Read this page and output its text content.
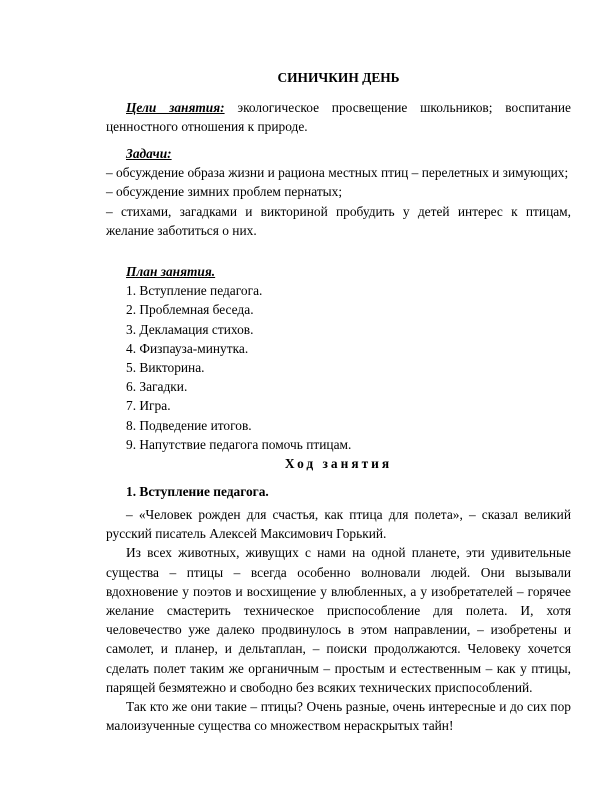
СИНИЧКИН ДЕНЬ

Цели занятия: экологическое просвещение школьников; воспитание ценностного отношения к природе.

Задачи:

– обсуждение образа жизни и рациона местных птиц – перелетных и зимующих;

– обсуждение зимних проблем пернатых;

– стихами, загадками и викториной пробудить у детей интерес к птицам, желание заботиться о них.

План занятия.

1. Вступление педагога.

2. Проблемная беседа.

3. Декламация стихов.

4. Физпауза-минутка.

5. Викторина.

6. Загадки.

7. Игра.

8. Подведение итогов.

9. Напутствие педагога помочь птицам.

Ход занятия

1. Вступление педагога.

– «Человек рожден для счастья, как птица для полета», – сказал великий русский писатель Алексей Максимович Горький.

Из всех животных, живущих с нами на одной планете, эти удивительные существа – птицы – всегда особенно волновали людей. Они вызывали вдохновение у поэтов и восхищение у влюбленных, а у изобретателей – горячее желание смастерить техническое приспособление для полета. И, хотя человечество уже далеко продвинулось в этом направлении, – изобретены и самолет, и планер, и дельтаплан, – поиски продолжаются. Человеку хочется сделать полет таким же органичным – простым и естественным – как у птицы, парящей безмятежно и свободно без всяких технических приспособлений.

Так кто же они такие – птицы? Очень разные, очень интересные и до сих пор малоизученные существа со множеством нераскрытых тайн!
